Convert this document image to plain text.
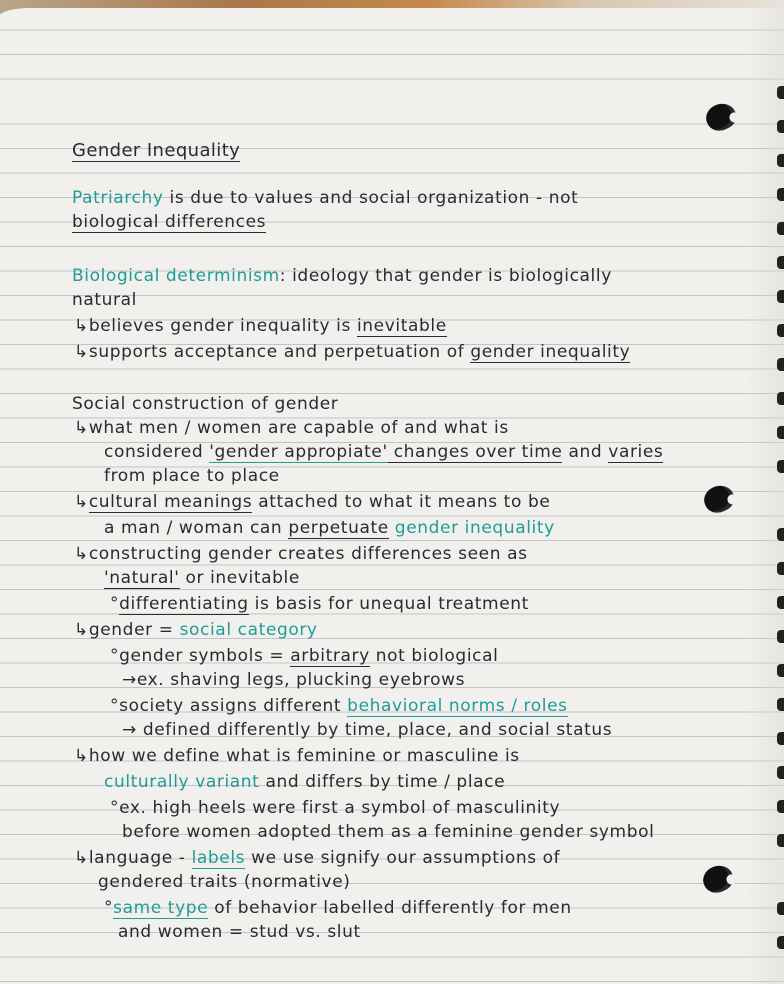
Gender Inequality
Patriarchy is due to values and social organization - not
biological differences
Biological determinism: ideology that gender is biologically
natural
↳believes gender inequality is inevitable
↳supports acceptance and perpetuation of gender inequality
Social construction of gender
↳what men / women are capable of and what is
considered 'gender appropiate' changes over time and varies
from place to place
↳cultural meanings attached to what it means to be
a man / woman can perpetuate gender inequality
↳constructing gender creates differences seen as
'natural' or inevitable
°differentiating is basis for unequal treatment
↳gender = social category
°gender symbols = arbitrary not biological
→ex. shaving legs, plucking eyebrows
°society assigns different behavioral norms / roles
→ defined differently by time, place, and social status
↳how we define what is feminine or masculine is
culturally variant and differs by time / place
°ex. high heels were first a symbol of masculinity
before women adopted them as a feminine gender symbol
↳language - labels we use signify our assumptions of
gendered traits (normative)
°same type of behavior labelled differently for men
and women = stud vs. slut
